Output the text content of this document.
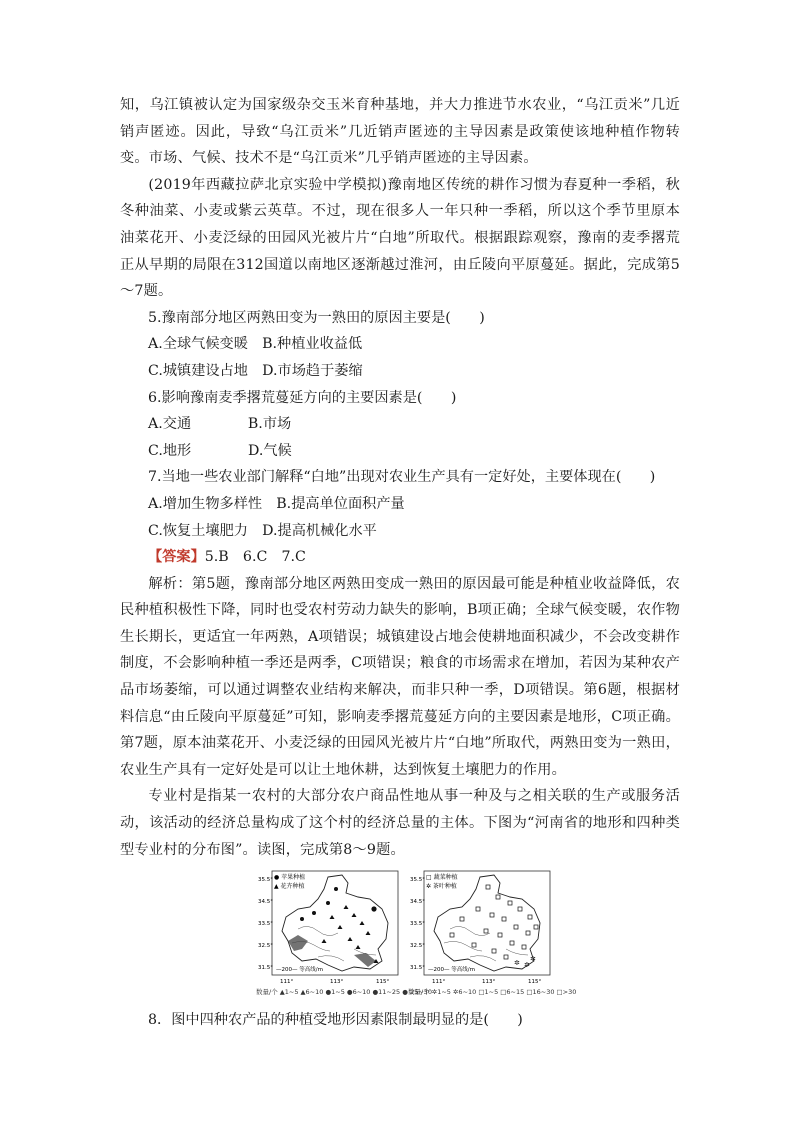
知，乌江镇被认定为国家级杂交玉米育种基地，并大力推进节水农业，“乌江贡米”几近销声匿迹。因此，导致“乌江贡米”几近销声匿迹的主导因素是政策使该地种植作物转变。市场、气候、技术不是“乌江贡米”几乎销声匿迹的主导因素。

(2019年西藏拉萨北京实验中学模拟)豫南地区传统的耕作习惯为春夏种一季稻，秋冬种油菜、小麦或紫云英草。不过，现在很多人一年只种一季稻，所以这个季节里原本油菜花开、小麦泛绿的田园风光被片片“白地”所取代。根据跟踪观察，豫南的麦季撂荒正从早期的局限在312国道以南地区逐渐越过淮河，由丘陵向平原蔓延。据此，完成第5～7题。

5.豫南部分地区两熟田变为一熟田的原因主要是(　　)

A.全球气候变暖　B.种植业收益低

C.城镇建设占地　D.市场趋于萎缩

6.影响豫南麦季撂荒蔓延方向的主要因素是(　　)

A.交通　　　　B.市场

C.地形　　　　D.气候

7.当地一些农业部门解释“白地”出现对农业生产具有一定好处，主要体现在(　　)

A.增加生物多样性　B.提高单位面积产量

C.恢复土壤肥力　D.提高机械化水平

【答案】5.B　6.C　7.C

解析：第5题，豫南部分地区两熟田变成一熟田的原因最可能是种植业收益降低，农民种植积极性下降，同时也受农村劳动力缺失的影响，B项正确；全球气候变暖，农作物生长期长，更适宜一年两熟，A项错误；城镇建设占地会使耕地面积减少，不会改变耕作制度，不会影响种植一季还是两季，C项错误；粮食的市场需求在增加，若因为某种农产品市场萎缩，可以通过调整农业结构来解决，而非只种一季，D项错误。第6题，根据材料信息“由丘陵向平原蔓延”可知，影响麦季撂荒蔓延方向的主要因素是地形，C项正确。第7题，原本油菜花开、小麦泛绿的田园风光被片片“白地”所取代，两熟田变为一熟田，农业生产具有一定好处是可以让土地休耕，达到恢复土壤肥力的作用。

专业村是指某一农村的大部分农户商品性地从事一种及与之相关联的生产或服务活动，该活动的经济总量构成了这个村的经济总量的主体。下图为“河南省的地形和四种类型专业村的分布图”。读图，完成第8～9题。

● 苹果种植
▲ 花卉种植
35.5°
34.5°
33.5°
32.5°
31.5° —200— 等高线/m
111°	113°	115°
数量/个 ▲1~5 ▲6~10 ●1~5 ●6~10 ●11~25 ● 25~30
✲ ✲
✲
□ 蔬菜种植
✲ 茶叶种植
35.5°
34.5°
33.5°
32.5°
31.5° —200— 等高线/m
111°	113°	115°
数量/个 ✲1~5 ✲6~10 □1~5 □6~15 □16~30 □>30

8．图中四种农产品的种植受地形因素限制最明显的是(　　)
